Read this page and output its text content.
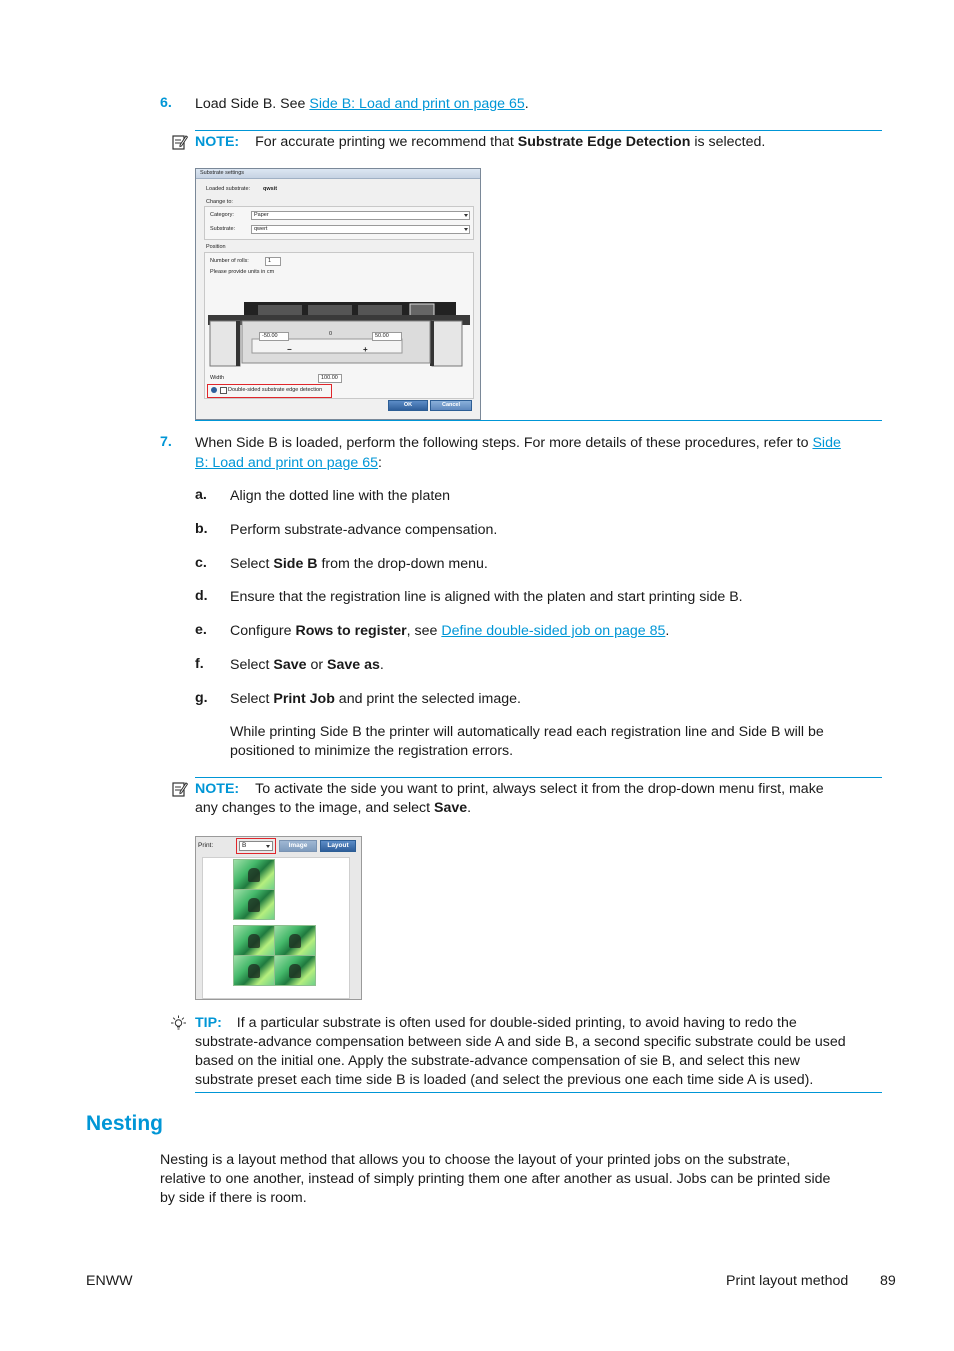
6. Load Side B. See Side B: Load and print on page 65.
NOTE: For accurate printing we recommend that Substrate Edge Detection is selected.
Substrate settings
Loaded substrate: qwsit
Change to:
Category:	Paper
Substrate:	qwert
Position
Number of rolls:	1
Please provide units in cm
-50.00	0	50.00
−	+
Width	100.00
Double-sided substrate edge detection
OK	Cancel
7. When Side B is loaded, perform the following steps. For more details of these procedures, refer to Side
B: Load and print on page 65:
a. Align the dotted line with the platen
b. Perform substrate-advance compensation.
c. Select Side B from the drop-down menu.
d. Ensure that the registration line is aligned with the platen and start printing side B.
e. Configure Rows to register, see Define double-sided job on page 85.
f. Select Save or Save as.
g. Select Print Job and print the selected image.
While printing Side B the printer will automatically read each registration line and Side B will be
positioned to minimize the registration errors.
NOTE: To activate the side you want to print, always select it from the drop-down menu first, make
any changes to the image, and select Save.
Print:	B	Image	Layout
TIP: If a particular substrate is often used for double-sided printing, to avoid having to redo the
substrate-advance compensation between side A and side B, a second specific substrate could be used
based on the initial one. Apply the substrate-advance compensation of sie B, and select this new
substrate preset each time side B is loaded (and select the previous one each time side A is used).
Nesting
Nesting is a layout method that allows you to choose the layout of your printed jobs on the substrate,
relative to one another, instead of simply printing them one after another as usual. Jobs can be printed side
by side if there is room.
ENWW	Print layout method 89
